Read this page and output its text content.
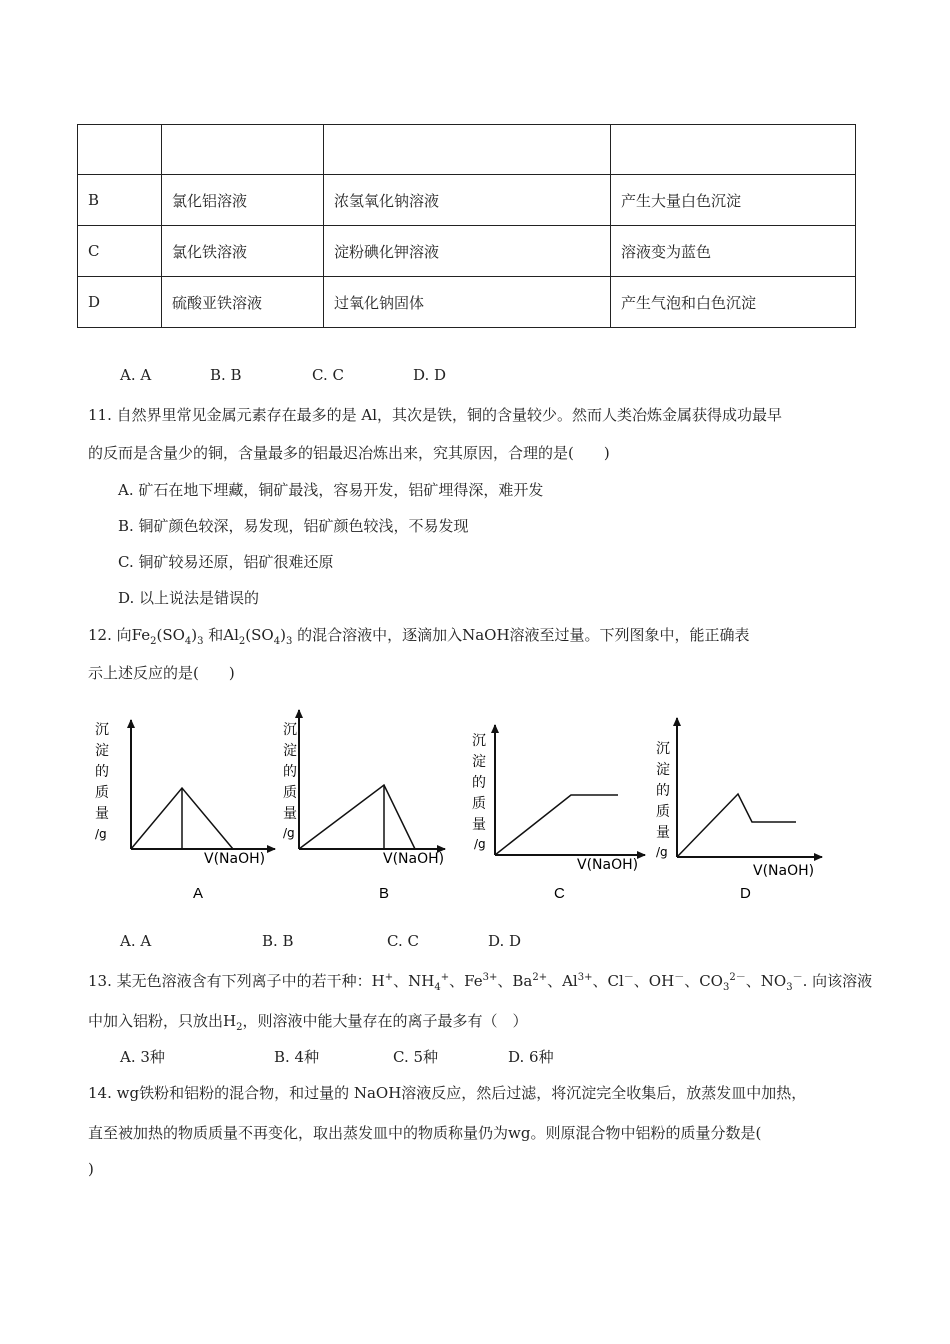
B	氯化铝溶液	浓氢氧化钠溶液	产生大量白色沉淀
C	氯化铁溶液	淀粉碘化钾溶液	溶液变为蓝色
D	硫酸亚铁溶液	过氧化钠固体	产生气泡和白色沉淀
A. A	B. B	C. C	D. D
11. 自然界里常见金属元素存在最多的是 Al，其次是铁，铜的含量较少。然而人类冶炼金属获得成功最早
的反而是含量少的铜，含量最多的铝最迟冶炼出来，究其原因，合理的是(　　)
A. 矿石在地下埋藏，铜矿最浅，容易开发，铝矿埋得深，难开发
B. 铜矿颜色较深，易发现，铝矿颜色较浅，不易发现
C. 铜矿较易还原，铝矿很难还原
D. 以上说法是错误的
12. 向$Fe_2(SO_4)_3$ 和$Al_2(SO_4)_3$ 的混合溶液中，逐滴加入NaOH溶液至过量。下列图象中，能正确表
示上述反应的是(　　)
沉
淀
的
质
量
/g
V(NaOH)
A
沉
淀
的
质
量
/g
V(NaOH)
B
沉
淀
的
质
量
/g
V(NaOH)
C
沉
淀
的
质
量
/g
V(NaOH)
D
A. A	B. B	C. C	D. D
13. 某无色溶液含有下列离子中的若干种：H+、$NH_4^+$、$Fe^{3+}$、$Ba^{2+}$、$Al^{3+}$、Cl－、OH－、$CO_3^{2-}$、$NO_3^-$. 向该溶液
中加入铝粉，只放出$H_2$，则溶液中能大量存在的离子最多有（　）
A. 3种	B. 4种	C. 5种	D. 6种
14. wg铁粉和铝粉的混合物，和过量的 NaOH溶液反应，然后过滤，将沉淀完全收集后，放蒸发皿中加热，
直至被加热的物质质量不再变化，取出蒸发皿中的物质称量仍为wg。则原混合物中铝粉的质量分数是(
)
